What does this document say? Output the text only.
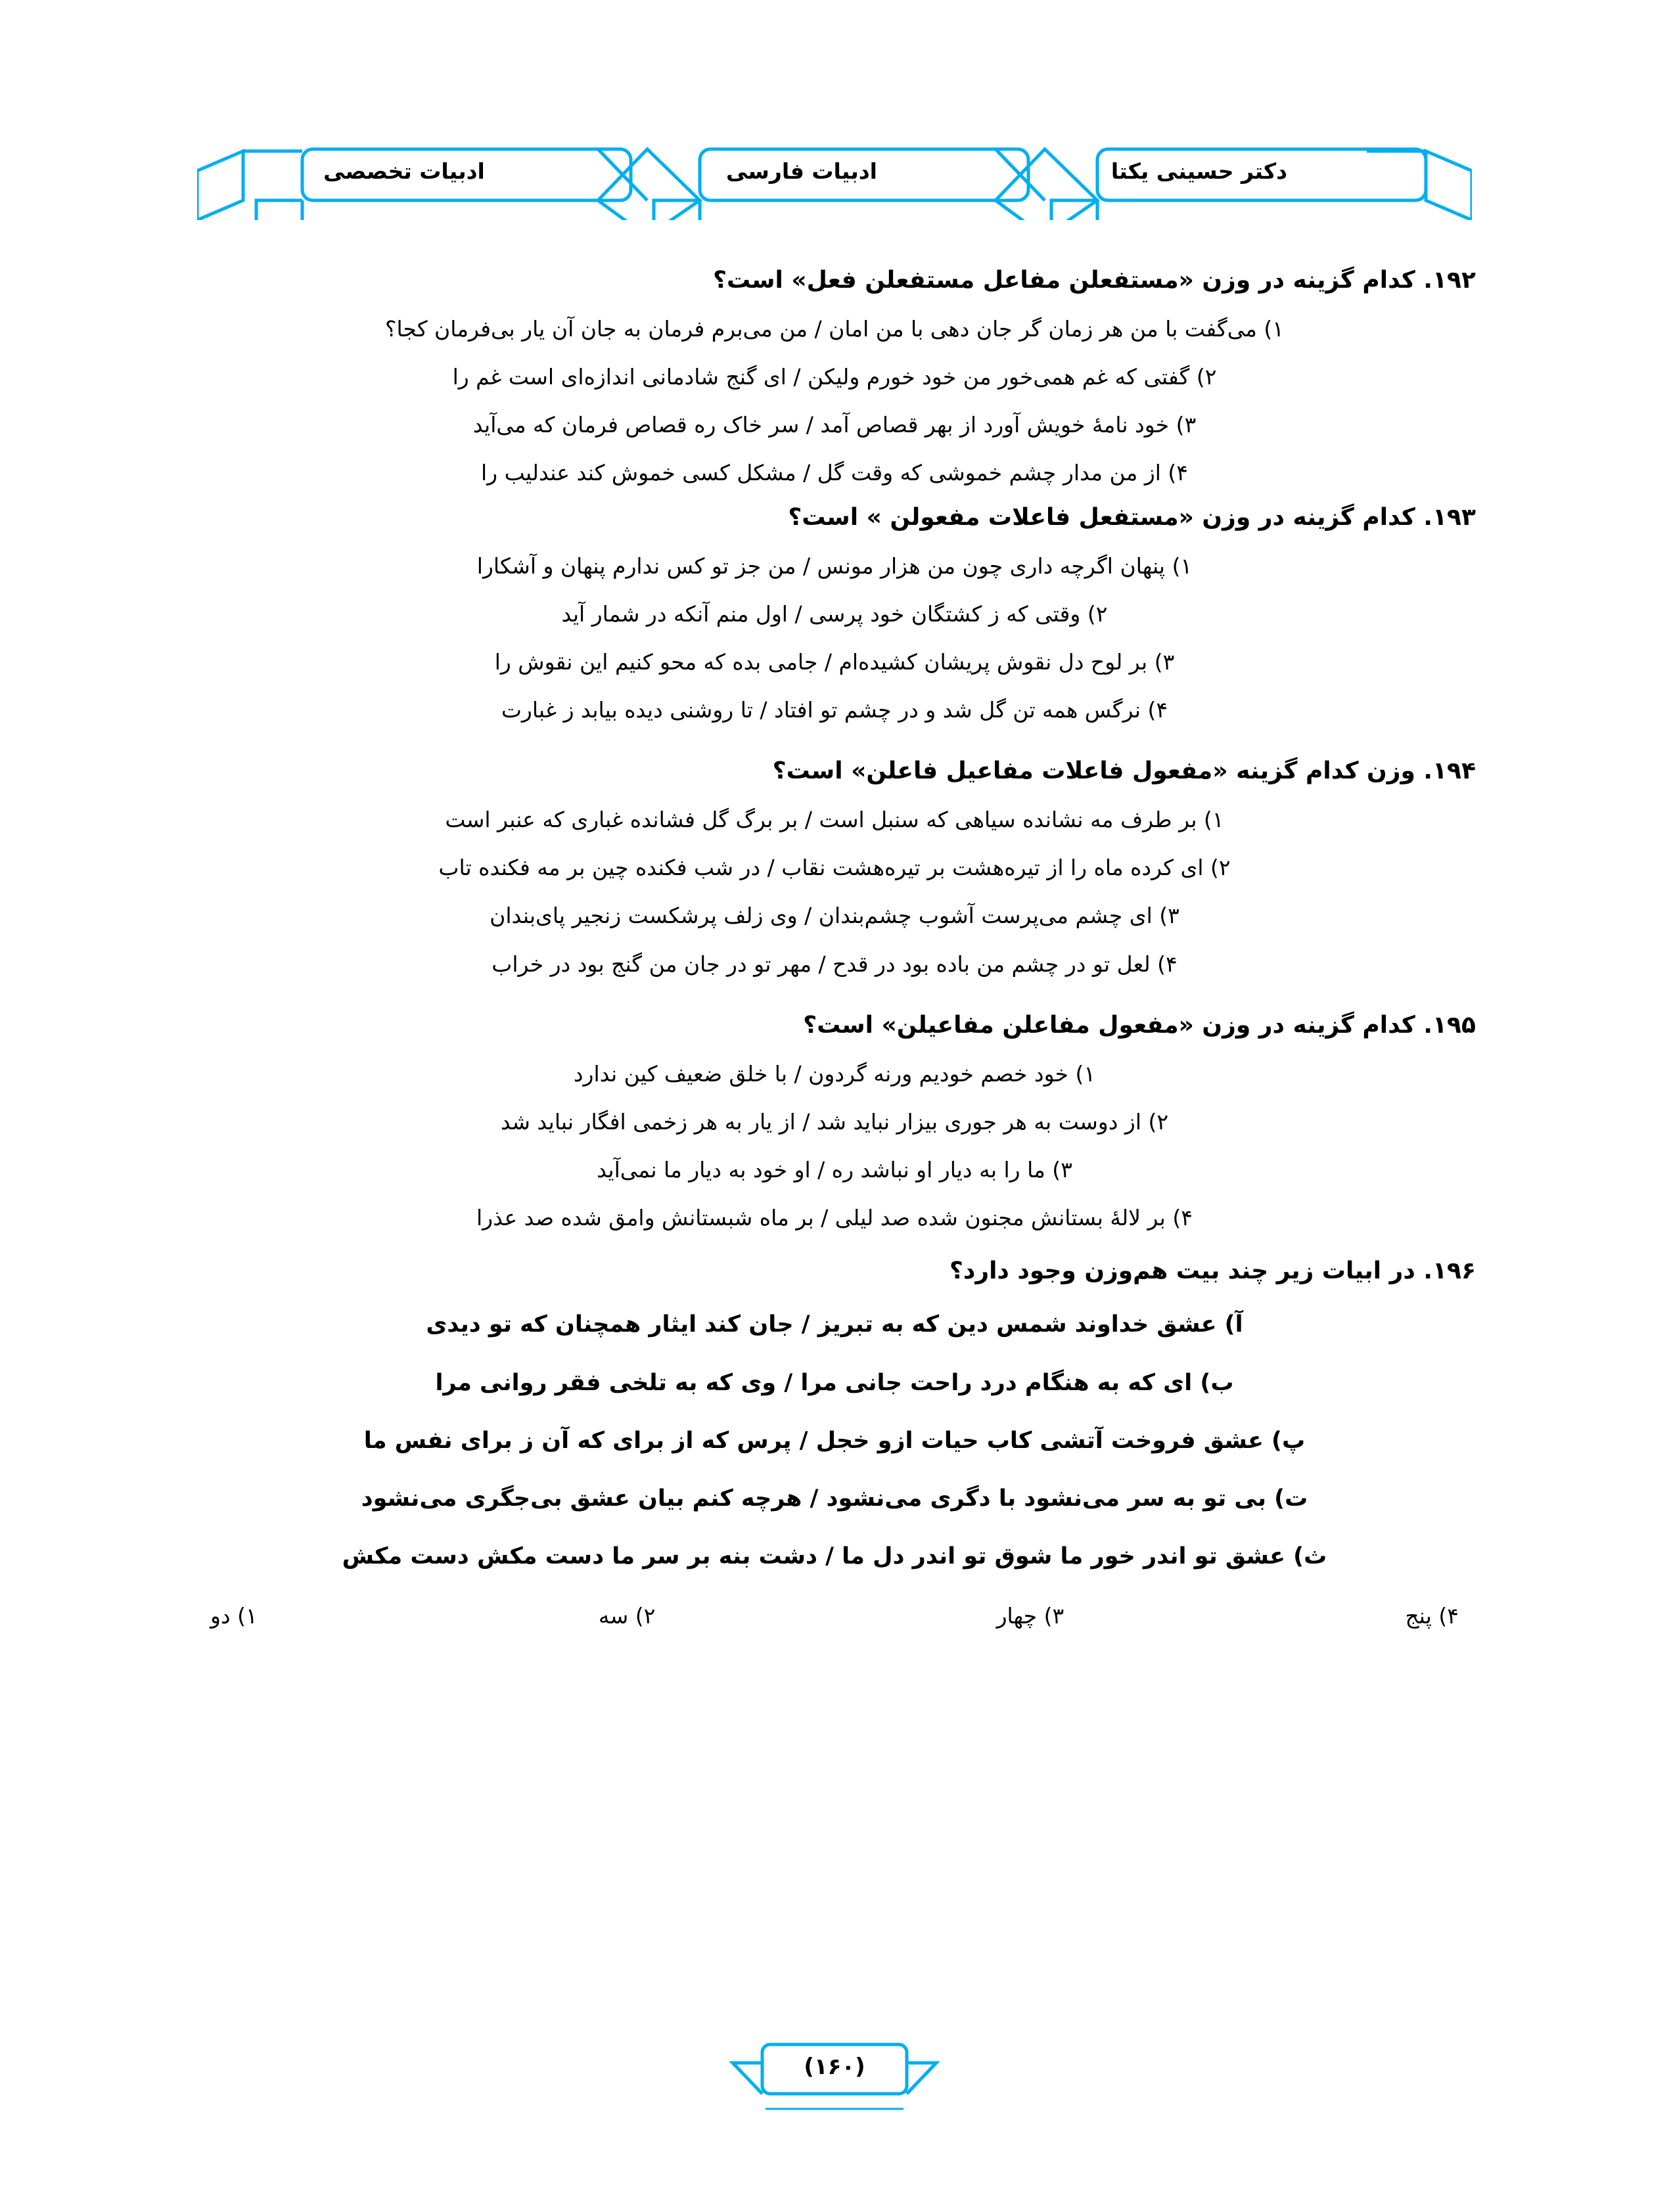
دکتر حسینی یکتا
ادبیات فارسی
ادبیات تخصصی

۱۹۲. کدام گزینه در وزن «مستفعلن مفاعل مستفعلن فعل» است؟

۱) می‌گفت با من هر زمان گر جان دهی با من امان / من می‌برم فرمان به جان آن یار بی‌فرمان کجا؟

۲) گفتی که غم همی‌خور من خود خورم ولیکن / ای گنج شادمانی اندازه‌ای است غم را

۳) خود نامۀ خویش آورد از بهر قصاص آمد / سر خاک ره قصاص فرمان که می‌آید

۴) از من مدار چشم خموشی که وقت گل / مشکل کسی خموش کند عندلیب را

۱۹۳. کدام گزینه در وزن «مستفعل فاعلات مفعولن » است؟

۱) پنهان اگرچه داری چون من هزار مونس / من جز تو کس ندارم پنهان و آشکارا

۲) وقتی که ز کشتگان خود پرسی / اول منم آنکه در شمار آید

۳) بر لوح دل نقوش پریشان کشیده‌ام / جامی بده که محو کنیم این نقوش را

۴) نرگس همه تن گل شد و در چشم تو افتاد / تا روشنی دیده بیابد ز غبارت

۱۹۴. وزن کدام گزینه «مفعول فاعلات مفاعیل فاعلن» است؟

۱) بر طرف مه نشانده سیاهی که سنبل است / بر برگ گل فشانده غباری که عنبر است

۲) ای کرده ماه را از تیره‌هشت بر تیره‌هشت نقاب / در شب فکنده چین بر مه فکنده تاب

۳) ای چشم می‌پرست آشوب چشم‌بندان / وی زلف پرشکست زنجیر پای‌بندان

۴) لعل تو در چشم من باده بود در قدح / مهر تو در جان من گنج بود در خراب

۱۹۵. کدام گزینه در وزن «مفعول مفاعلن مفاعیلن» است؟

۱) خود خصم خودیم ورنه گردون / با خلق ضعیف کین ندارد

۲) از دوست به هر جوری بیزار نباید شد / از یار به هر زخمی افگار نباید شد

۳) ما را به دیار او نباشد ره / او خود به دیار ما نمی‌آید

۴) بر لالۀ بستانش مجنون شده صد لیلی / بر ماه شبستانش وامق شده صد عذرا

۱۹۶. در ابیات زیر چند بیت هم‌وزن وجود دارد؟

آ) عشق خداوند شمس دین که به تبریز / جان کند ایثار همچنان که تو دیدی

ب) ای که به هنگام درد راحت جانی مرا / وی که به تلخی فقر روانی مرا

پ) عشق فروخت آتشی کاب حیات ازو خجل / پرس که از برای که آن ز برای نفس ما

ت) بی تو به سر می‌نشود با دگری می‌نشود / هرچه کنم بیان عشق بی‌جگری می‌نشود

ث) عشق تو اندر خور ما شوق تو اندر دل ما / دشت بنه بر سر ما دست مکش دست مکش

۱) دو	۲) سه	۳) چهار	۴) پنج
(۱۶۰)
